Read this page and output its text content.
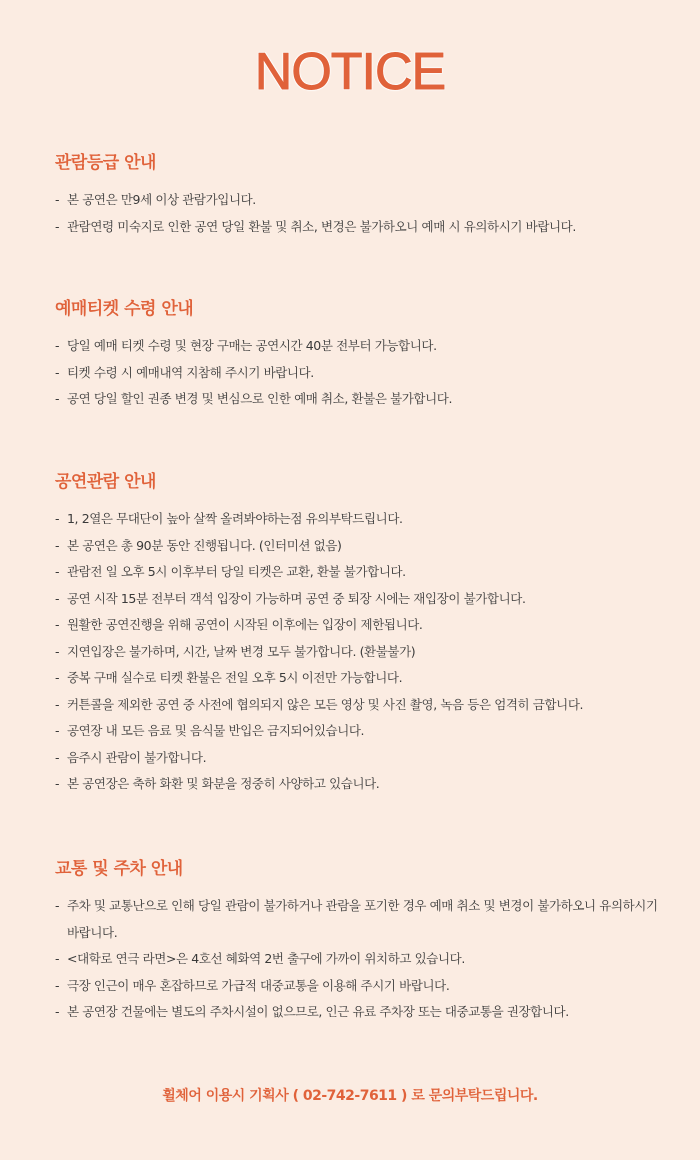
NOTICE
관람등급 안내
- 본 공연은 만9세 이상 관람가입니다.
- 관람연령 미숙지로 인한 공연 당일 환불 및 취소, 변경은 불가하오니 예매 시 유의하시기 바랍니다.
예매티켓 수령 안내
- 당일 예매 티켓 수령 및 현장 구매는 공연시간 40분 전부터 가능합니다.
- 티켓 수령 시 예매내역 지참해 주시기 바랍니다.
- 공연 당일 할인 권종 변경 및 변심으로 인한 예매 취소, 환불은 불가합니다.
공연관람 안내
- 1, 2열은 무대단이 높아 살짝 올려봐야하는점 유의부탁드립니다.
- 본 공연은 총 90분 동안 진행됩니다. (인터미션 없음)
- 관람전 일 오후 5시 이후부터 당일 티켓은 교환, 환불 불가합니다.
- 공연 시작 15분 전부터 객석 입장이 가능하며 공연 중 퇴장 시에는 재입장이 불가합니다.
- 원활한 공연진행을 위해 공연이 시작된 이후에는 입장이 제한됩니다.
- 지연입장은 불가하며, 시간, 날짜 변경 모두 불가합니다. (환불불가)
- 중복 구매 실수로 티켓 환불은 전일 오후 5시 이전만 가능합니다.
- 커튼콜을 제외한 공연 중 사전에 협의되지 않은 모든 영상 및 사진 촬영, 녹음 등은 엄격히 금합니다.
- 공연장 내 모든 음료 및 음식물 반입은 금지되어있습니다.
- 음주시 관람이 불가합니다.
- 본 공연장은 축하 화환 및 화분을 정중히 사양하고 있습니다.
교통 및 주차 안내
- 주차 및 교통난으로 인해 당일 관람이 불가하거나 관람을 포기한 경우 예매 취소 및 변경이 불가하오니 유의하시기 바랍니다.
- <대학로 연극 라면>은 4호선 혜화역 2번 출구에 가까이 위치하고 있습니다.
- 극장 인근이 매우 혼잡하므로 가급적 대중교통을 이용해 주시기 바랍니다.
- 본 공연장 건물에는 별도의 주차시설이 없으므로, 인근 유료 주차장 또는 대중교통을 권장합니다.
휠체어 이용시 기획사 ( 02-742-7611 ) 로 문의부탁드립니다.
